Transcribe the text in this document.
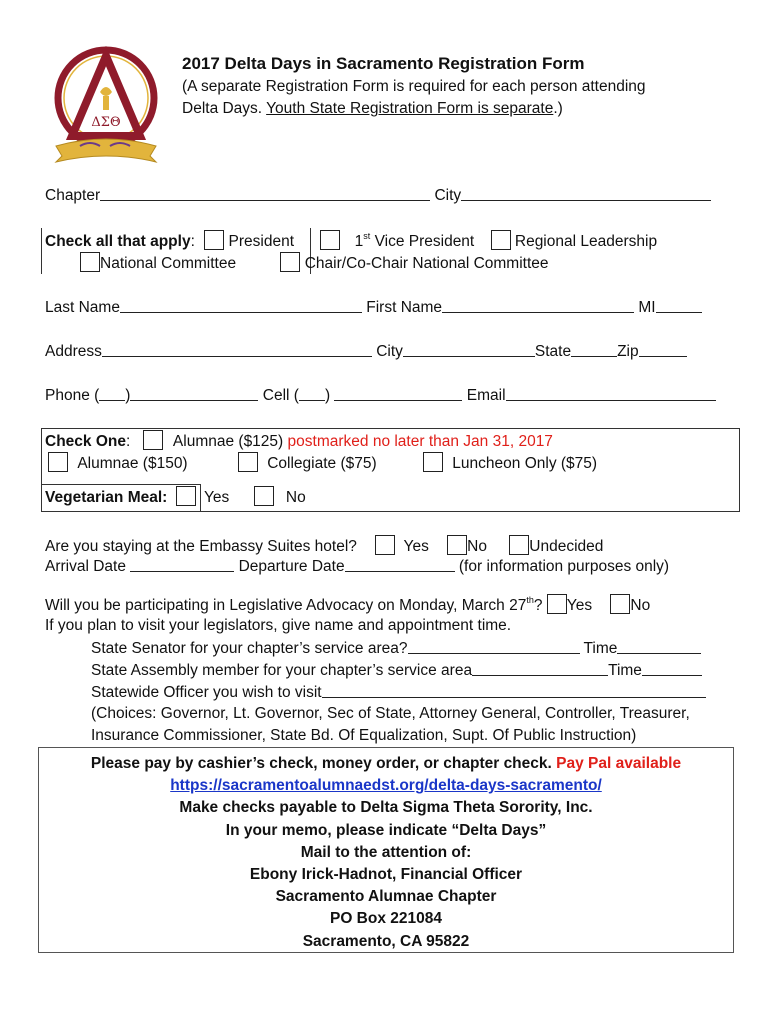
ΔΣΘ
2017 Delta Days in Sacramento Registration Form
(A separate Registration Form is required for each person attending
Delta Days. Youth State Registration Form is separate.)
Chapter	City
Check all that apply: President	1st Vice President	Regional Leadership
National Committee	Chair/Co-Chair National Committee
Last Name	First Name	MI
Address	City	State	Zip
Phone ( )	Cell ( )	Email
Check One:	Alumnae ($125) postmarked no later than Jan 31, 2017
Alumnae ($150)	Collegiate ($75)	Luncheon Only ($75)
Vegetarian Meal: Yes	No
Are you staying at the Embassy Suites hotel?	Yes No	Undecided
Arrival Date	Departure Date	(for information purposes only)
Will you be participating in Legislative Advocacy on Monday, March 27th? Yes No
If you plan to visit your legislators, give name and appointment time.
State Senator for your chapter’s service area?	Time
State Assembly member for your chapter’s service area	Time
Statewide Officer you wish to visit
(Choices: Governor, Lt. Governor, Sec of State, Attorney General, Controller, Treasurer,
Insurance Commissioner, State Bd. Of Equalization, Supt. Of Public Instruction)
Please pay by cashier’s check, money order, or chapter check. Pay Pal available
https://sacramentoalumnaedst.org/delta-days-sacramento/
Make checks payable to Delta Sigma Theta Sorority, Inc.
In your memo, please indicate “Delta Days”
Mail to the attention of:
Ebony Irick-Hadnot, Financial Officer
Sacramento Alumnae Chapter
PO Box 221084
Sacramento, CA 95822
